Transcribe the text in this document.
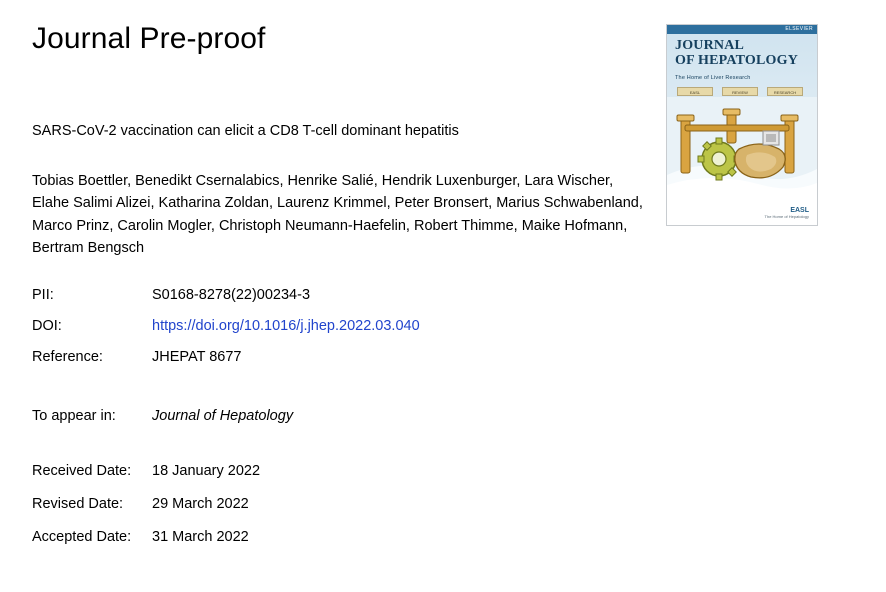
Journal Pre-proof
SARS-CoV-2 vaccination can elicit a CD8 T-cell dominant hepatitis
Tobias Boettler, Benedikt Csernalabics, Henrike Salié, Hendrik Luxenburger, Lara Wischer, Elahe Salimi Alizei, Katharina Zoldan, Laurenz Krimmel, Peter Bronsert, Marius Schwabenland, Marco Prinz, Carolin Mogler, Christoph Neumann-Haefelin, Robert Thimme, Maike Hofmann, Bertram Bengsch
PII:	S0168-8278(22)00234-3
DOI:	https://doi.org/10.1016/j.jhep.2022.03.040
Reference:	JHEPAT 8677
To appear in:	Journal of Hepatology
Received Date:	18 January 2022
Revised Date:	29 March 2022
Accepted Date:	31 March 2022
ELSEVIER
JOURNAL
OF HEPATOLOGY
The Home of Liver Research
EASL	REVIEW	RESEARCH
EASL
The Home of Hepatology
